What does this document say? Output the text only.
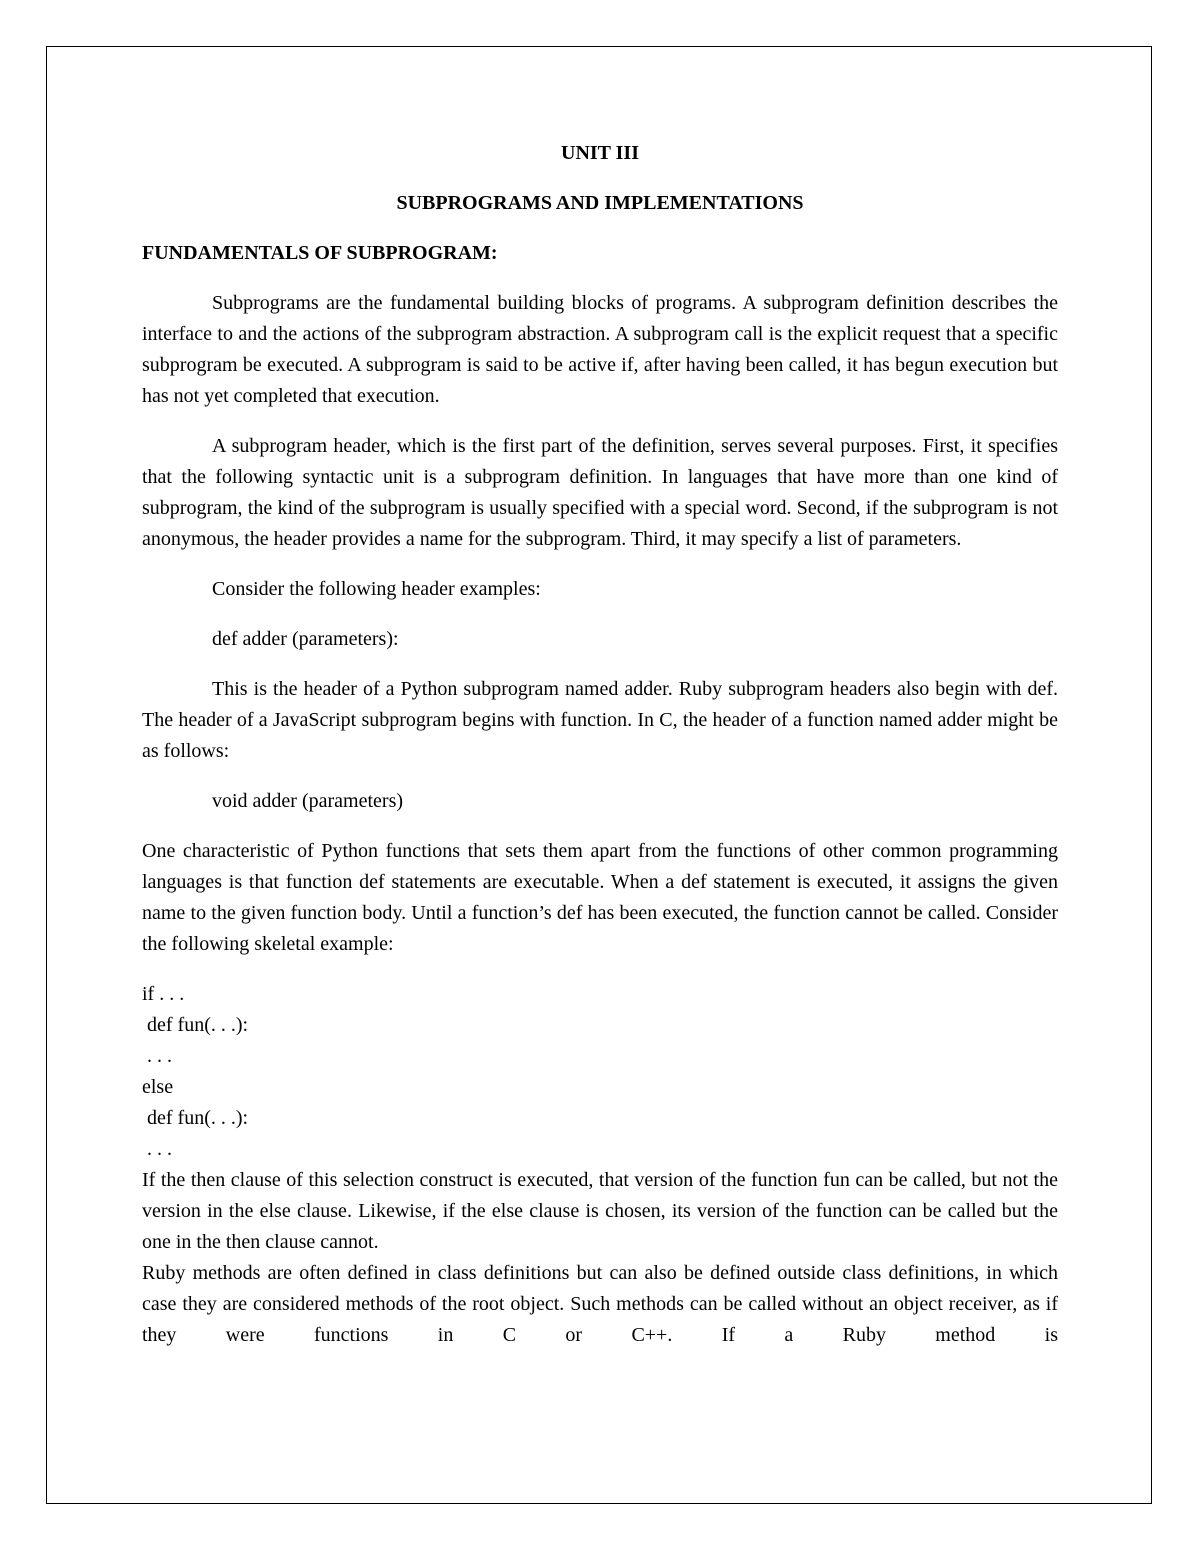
UNIT III

SUBPROGRAMS AND IMPLEMENTATIONS

FUNDAMENTALS OF SUBPROGRAM:

Subprograms are the fundamental building blocks of programs. A subprogram definition describes the interface to and the actions of the subprogram abstraction. A subprogram call is the explicit request that a specific subprogram be executed. A subprogram is said to be active if, after having been called, it has begun execution but has not yet completed that execution.

A subprogram header, which is the first part of the definition, serves several purposes. First, it specifies that the following syntactic unit is a subprogram definition. In languages that have more than one kind of subprogram, the kind of the subprogram is usually specified with a special word. Second, if the subprogram is not anonymous, the header provides a name for the subprogram. Third, it may specify a list of parameters.

Consider the following header examples:

def adder (parameters):

This is the header of a Python subprogram named adder. Ruby subprogram headers also begin with def. The header of a JavaScript subprogram begins with function. In C, the header of a function named adder might be as follows:

void adder (parameters)

One characteristic of Python functions that sets them apart from the functions of other common programming languages is that function def statements are executable. When a def statement is executed, it assigns the given name to the given function body. Until a function’s def has been executed, the function cannot be called. Consider the following skeletal example:

if . . .

def fun(. . .):

. . .

else

def fun(. . .):

. . .

If the then clause of this selection construct is executed, that version of the function fun can be called, but not the version in the else clause. Likewise, if the else clause is chosen, its version of the function can be called but the one in the then clause cannot.

Ruby methods are often defined in class definitions but can also be defined outside class definitions, in which case they are considered methods of the root object. Such methods can be called without an object receiver, as if they were functions in C or C++. If a Ruby method is
